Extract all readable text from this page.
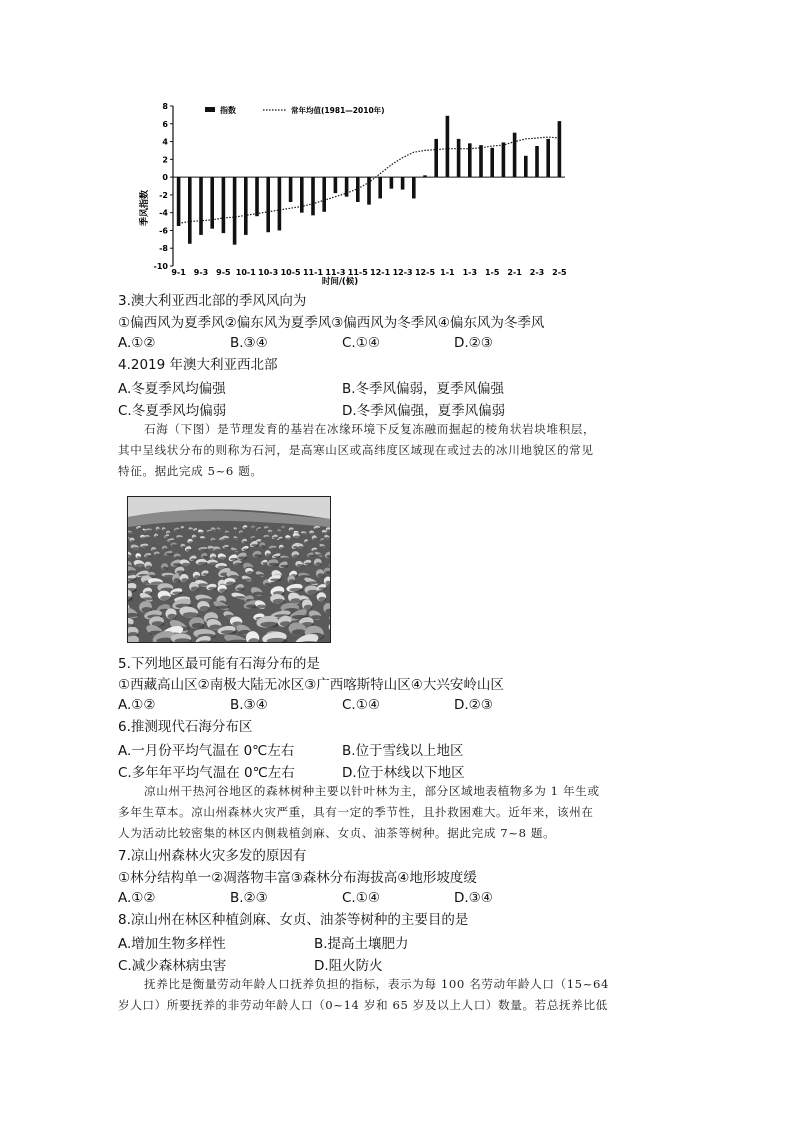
8
6
4
2
0
-2
-4
-6
-8
-10
9-1 9-3 9-5 10-1 10-3 10-5 11-1 11-3 11-5 12-1 12-3 12-5 1-1 1-3 1-5 2-1 2-3 2-5
指数	常年均值(1981—2010年)
季风指数
时间/(候)
3.澳大利亚西北部的季风风向为
①偏西风为夏季风②偏东风为夏季风③偏西风为冬季风④偏东风为冬季风
A.①②	B.③④	C.①④	D.②③
4.2019 年澳大利亚西北部
A.冬夏季风均偏强	B.冬季风偏弱，夏季风偏强
C.冬夏季风均偏弱	D.冬季风偏强，夏季风偏弱
石海（下图）是节理发育的基岩在冰缘环境下反复冻融而掘起的棱角状岩块堆积层，
其中呈线状分布的则称为石河，是高寒山区或高纬度区域现在或过去的冰川地貌区的常见
特征。据此完成 5~6 题。
5.下列地区最可能有石海分布的是
①西藏高山区②南极大陆无冰区③广西喀斯特山区④大兴安岭山区
A.①②	B.③④	C.①④	D.②③
6.推测现代石海分布区
A.一月份平均气温在 0℃左右	B.位于雪线以上地区
C.多年年平均气温在 0℃左右	D.位于林线以下地区
凉山州干热河谷地区的森林树种主要以针叶林为主，部分区域地表植物多为 1 年生或
多年生草本。凉山州森林火灾严重，具有一定的季节性，且扑救困难大。近年来，该州在
人为活动比较密集的林区内侧栽植剑麻、女贞、油茶等树种。据此完成 7~8 题。
7.凉山州森林火灾多发的原因有
①林分结构单一②凋落物丰富③森林分布海拔高④地形坡度缓
A.①②	B.②③	C.①④	D.③④
8.凉山州在林区种植剑麻、女贞、油茶等树种的主要目的是
A.增加生物多样性	B.提高土壤肥力
C.减少森林病虫害	D.阻火防火
抚养比是衡量劳动年龄人口抚养负担的指标，表示为每 100 名劳动年龄人口（15~64
岁人口）所要抚养的非劳动年龄人口（0~14 岁和 65 岁及以上人口）数量。若总抚养比低
